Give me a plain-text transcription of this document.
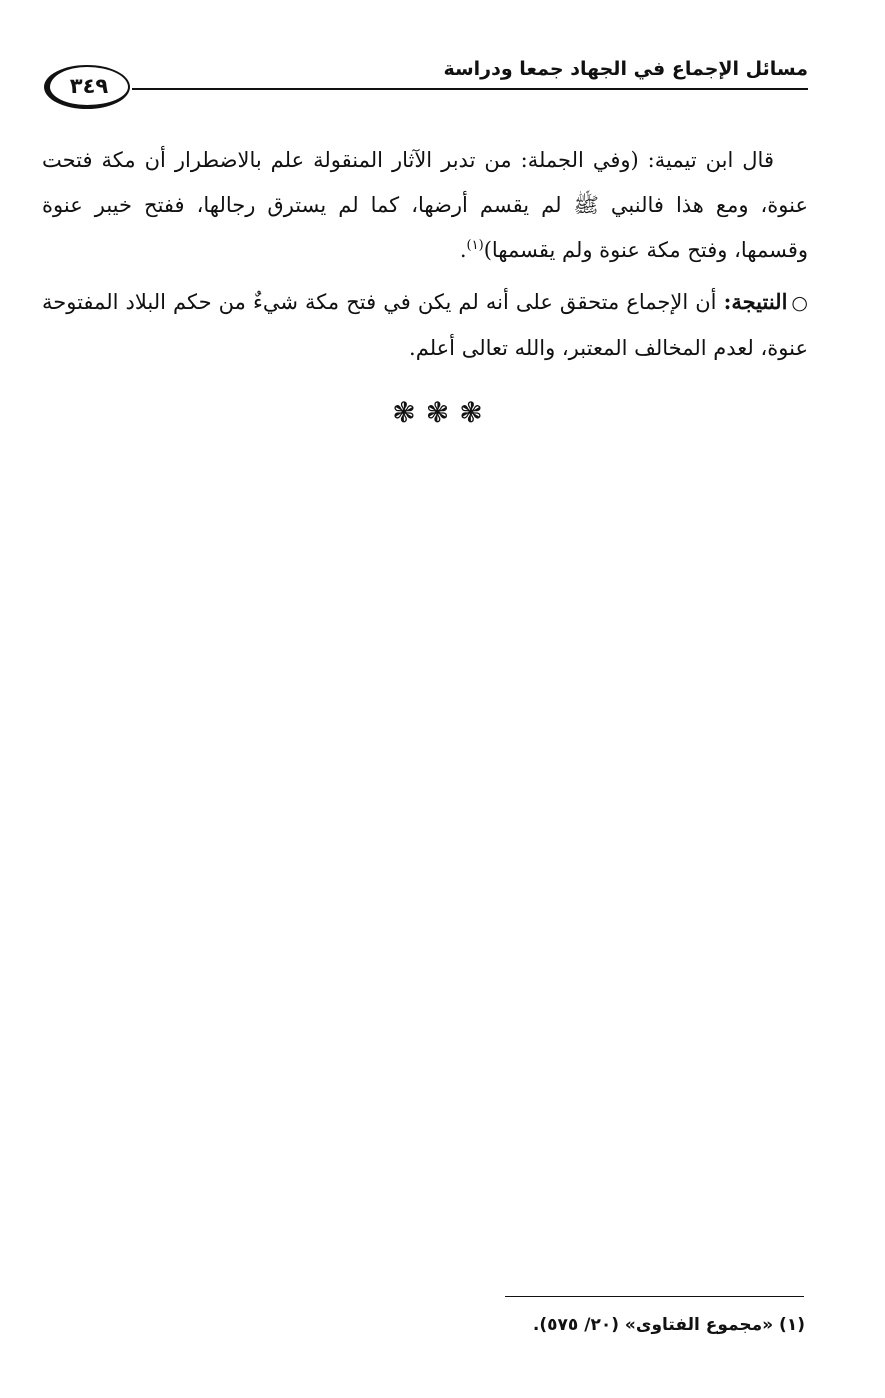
مسائل الإجماع في الجهاد جمعا ودراسة
٣٤٩

قال ابن تيمية: (وفي الجملة: من تدبر الآثار المنقولة علم بالاضطرار أن مكة فتحت عنوة، ومع هذا فالنبي ﷺ لم يقسم أرضها، كما لم يسترق رجالها، ففتح خيبر عنوة وقسمها، وفتح مكة عنوة ولم يقسمها)$^{(١)}$.

○النتيجة: أن الإجماع متحقق على أنه لم يكن في فتح مكة شيءٌ من حكم البلاد المفتوحة عنوة، لعدم المخالف المعتبر، والله تعالى أعلم.

❃❃❃
(١) «مجموع الفتاوى» (٢٠/ ٥٧٥).
